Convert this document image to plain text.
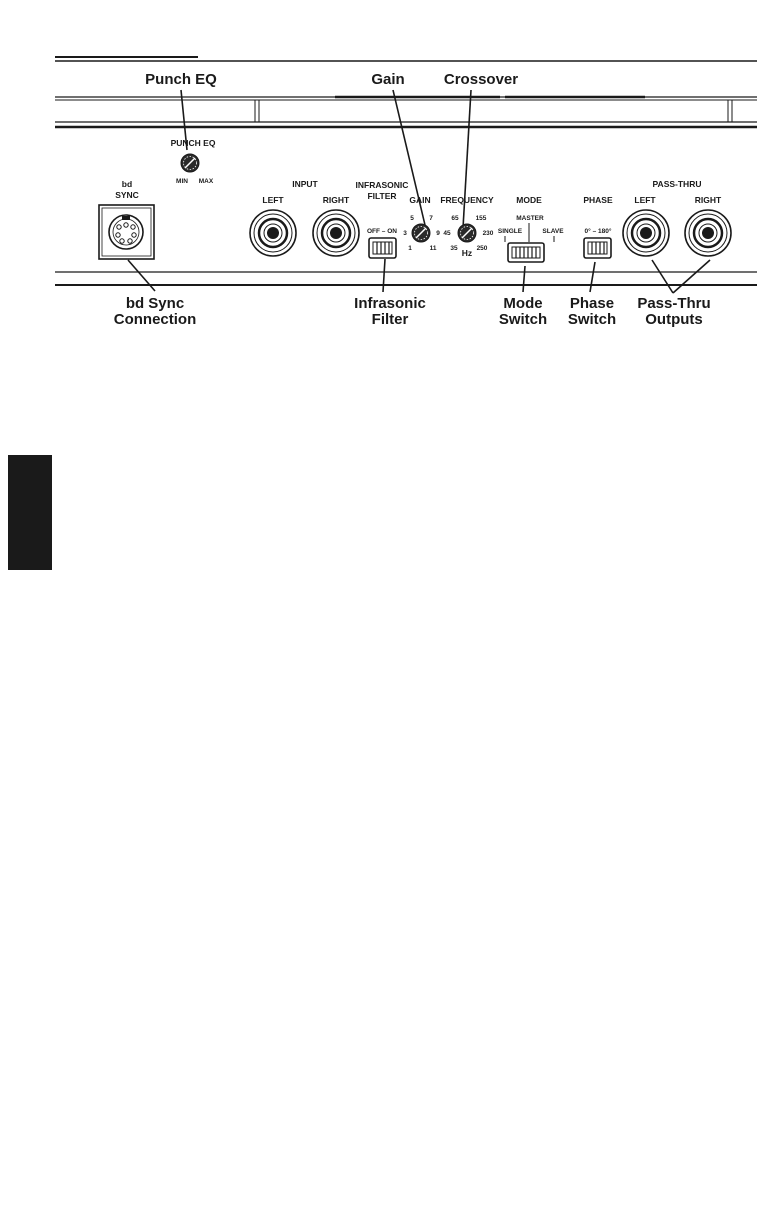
Punch EQ	Gain	Crossover
bd Sync
Connection
Infrasonic
Filter
Mode
Switch
Phase
Switch
Pass-Thru
Outputs
PUNCH EQ
MIN MAX
bd
SYNC
INPUT
LEFT	RIGHT
INFRASONIC
FILTER
OFF – ON
GAIN
5 7
3	9
1	11
FREQUENCY
65	155
45	230
35	250
Hz
MODE
MASTER
SINGLE	SLAVE
PHASE
0° – 180°
PASS-THRU
LEFT	RIGHT
